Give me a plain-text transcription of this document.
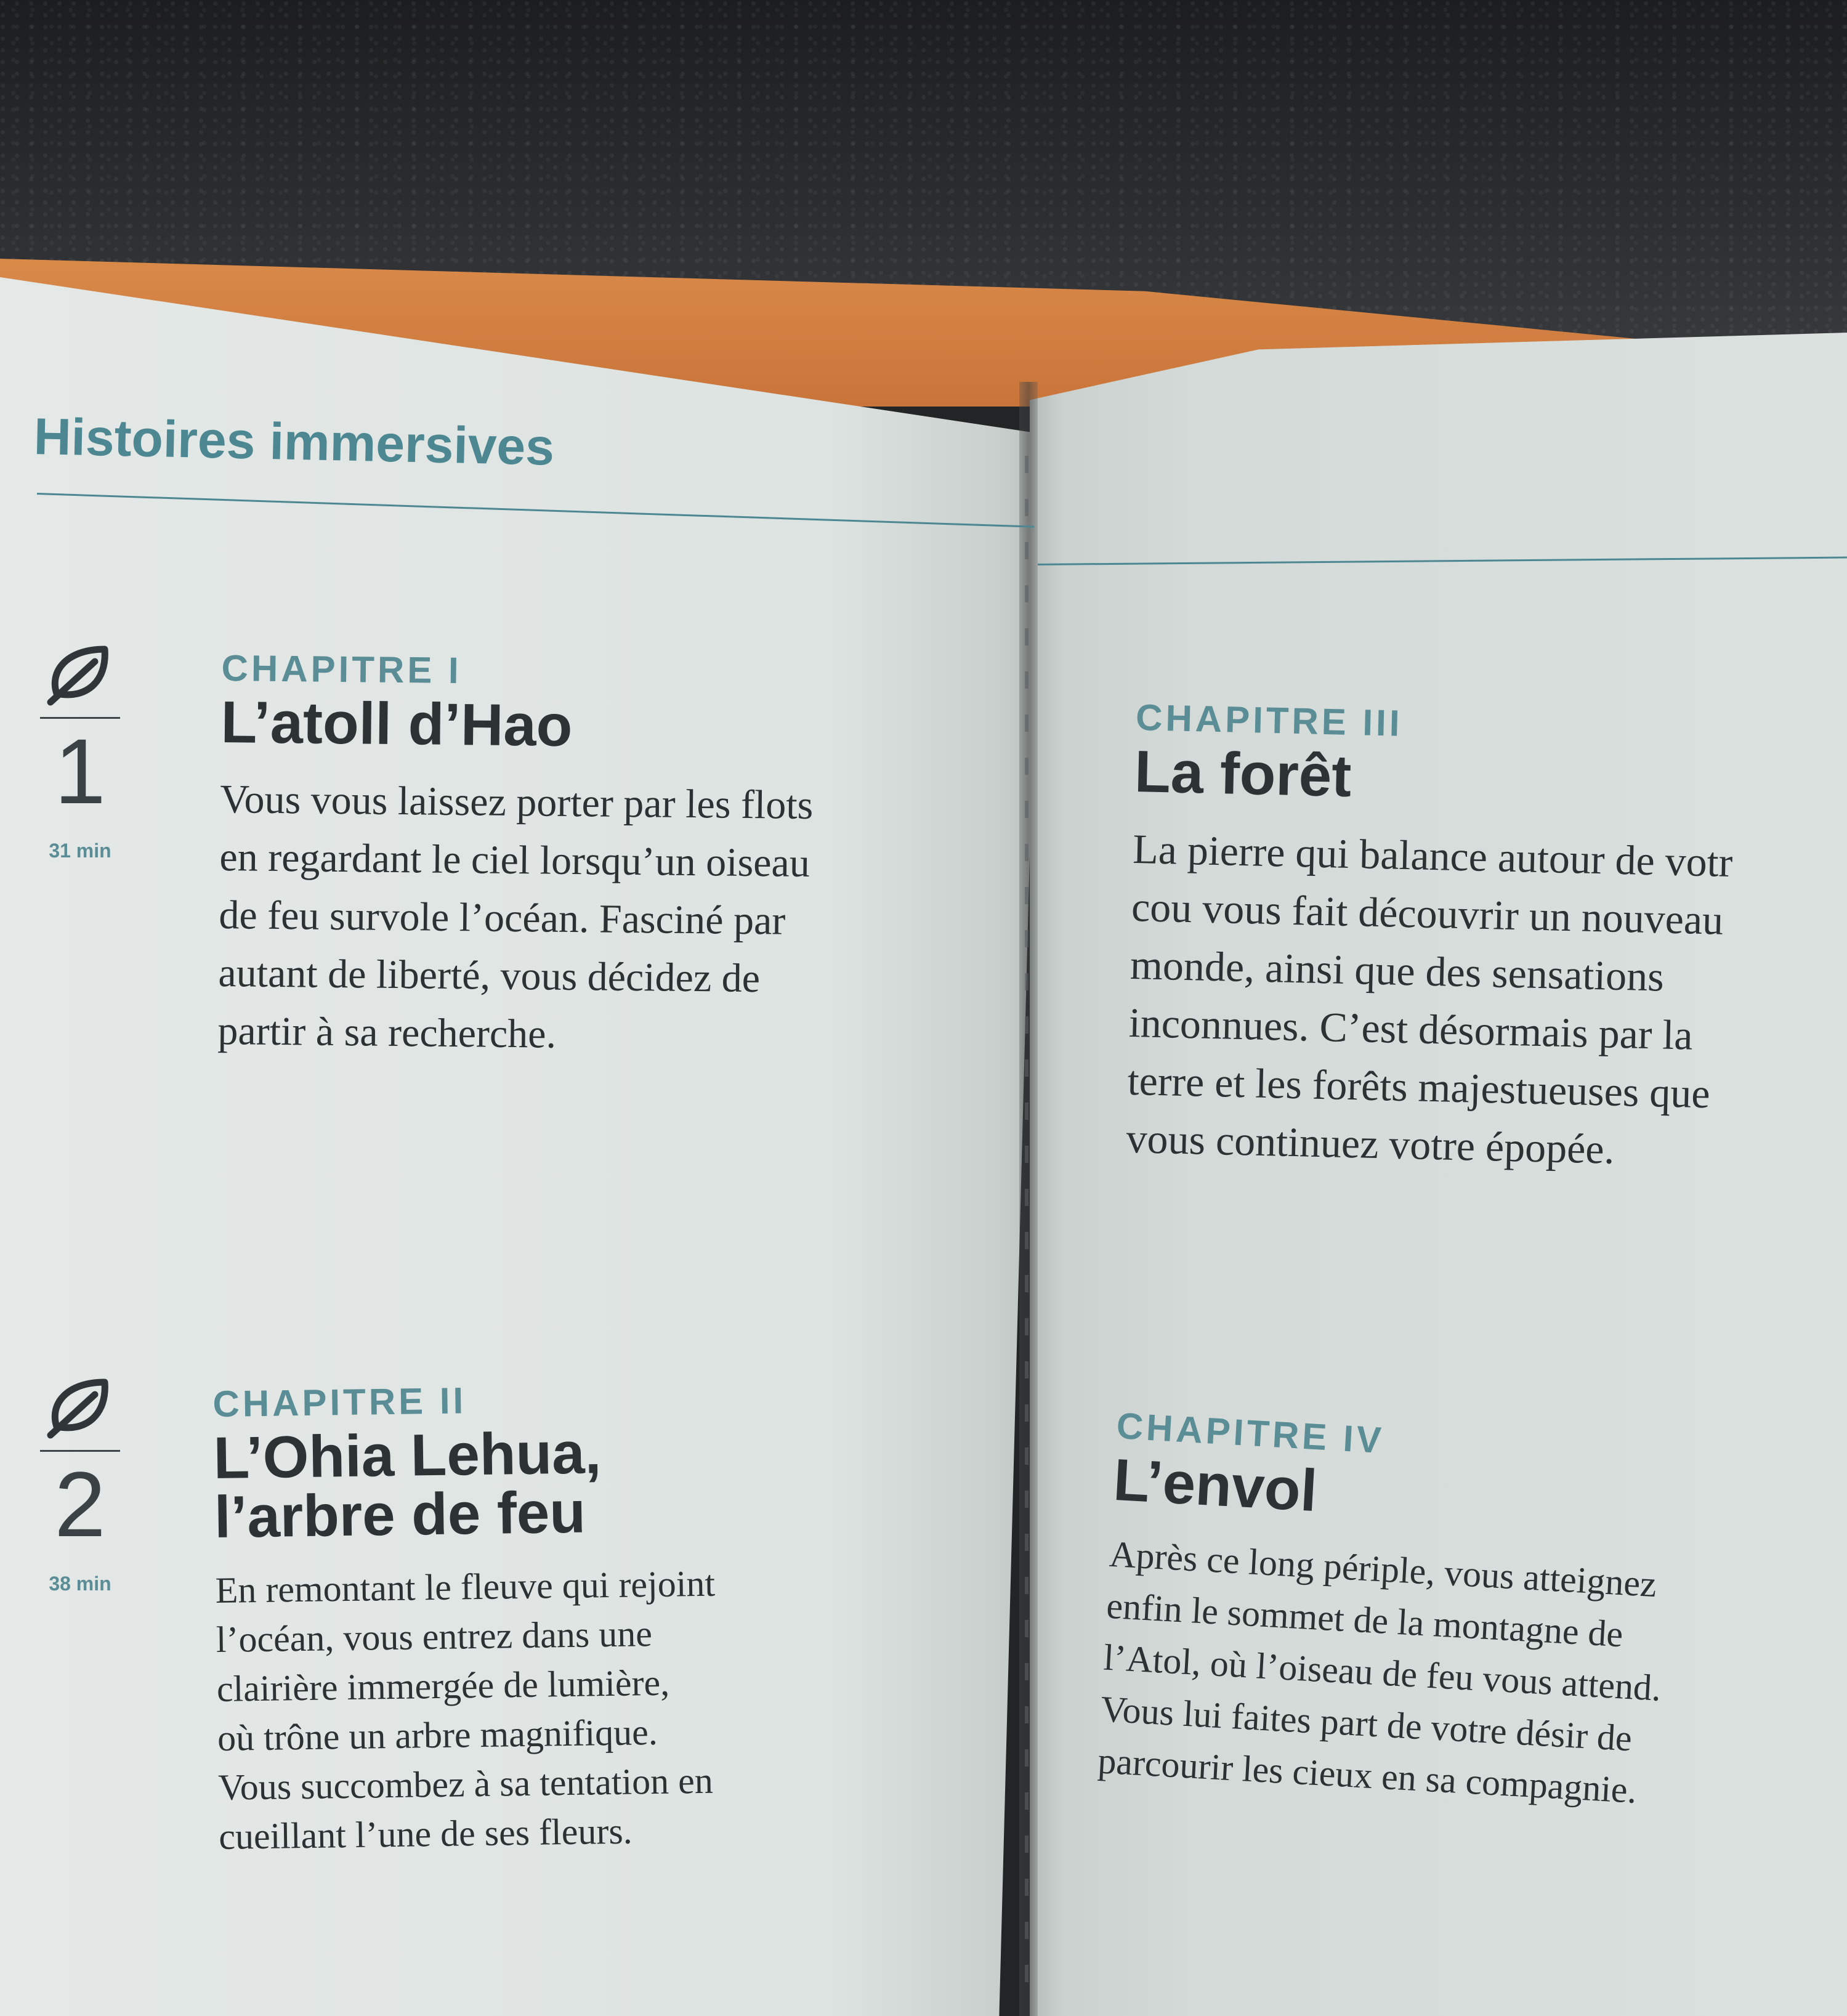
Histoires immersives
1
31 min
2
38 min
CHAPITRE I
L’atoll d’Hao

Vous vous laissez porter par les flots
en regardant le ciel lorsqu’un oiseau
de feu survole l’océan. Fasciné par
autant de liberté, vous décidez de
partir à sa recherche.

CHAPITRE II
L’Ohia Lehua,
l’arbre de feu

En remontant le fleuve qui rejoint
l’océan, vous entrez dans une
clairière immergée de lumière,
où trône un arbre magnifique.
Vous succombez à sa tentation en
cueillant l’une de ses fleurs.

CHAPITRE III
La forêt

La pierre qui balance autour de votr
cou vous fait découvrir un nouveau
monde, ainsi que des sensations
inconnues. C’est désormais par la
terre et les forêts majestueuses que
vous continuez votre épopée.

CHAPITRE IV
L’envol

Après ce long périple, vous atteignez
enfin le sommet de la montagne de
l’Atol, où l’oiseau de feu vous attend.
Vous lui faites part de votre désir de
parcourir les cieux en sa compagnie.
